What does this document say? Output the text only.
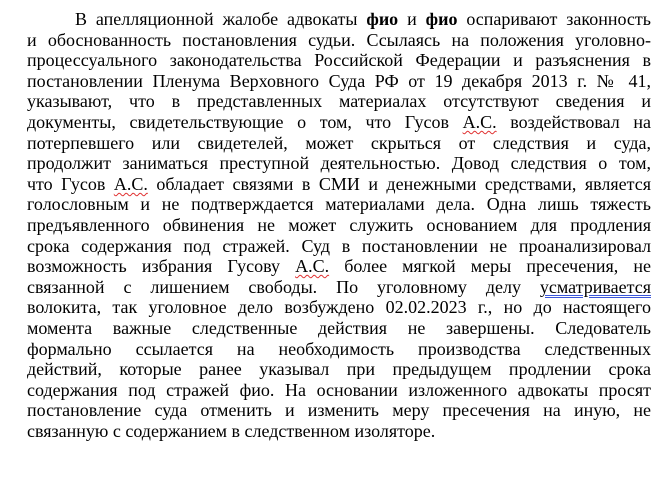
В апелляционной жалобе адвокаты фио и фио оспаривают законность
и обоснованность постановления судьи. Ссылаясь на положения уголовно-
процессуального законодательства Российской Федерации и разъяснения в
постановлении Пленума Верховного Суда РФ от 19 декабря 2013 г. № 41,
указывают, что в представленных материалах отсутствуют сведения и
документы, свидетельствующие о том, что Гусов А.С. воздействовал на
потерпевшего или свидетелей, может скрыться от следствия и суда,
продолжит заниматься преступной деятельностью. Довод следствия о том,
что Гусов А.С. обладает связями в СМИ и денежными средствами, является
голословным и не подтверждается материалами дела. Одна лишь тяжесть
предъявленного обвинения не может служить основанием для продления
срока содержания под стражей. Суд в постановлении не проанализировал
возможность избрания Гусову А.С. более мягкой меры пресечения, не
связанной с лишением свободы. По уголовному делу усматривается
волокита, так уголовное дело возбуждено 02.02.2023 г., но до настоящего
момента важные следственные действия не завершены. Следователь
формально ссылается на необходимость производства следственных
действий, которые ранее указывал при предыдущем продлении срока
содержания под стражей фио. На основании изложенного адвокаты просят
постановление суда отменить и изменить меру пресечения на иную, не
связанную с содержанием в следственном изоляторе.
